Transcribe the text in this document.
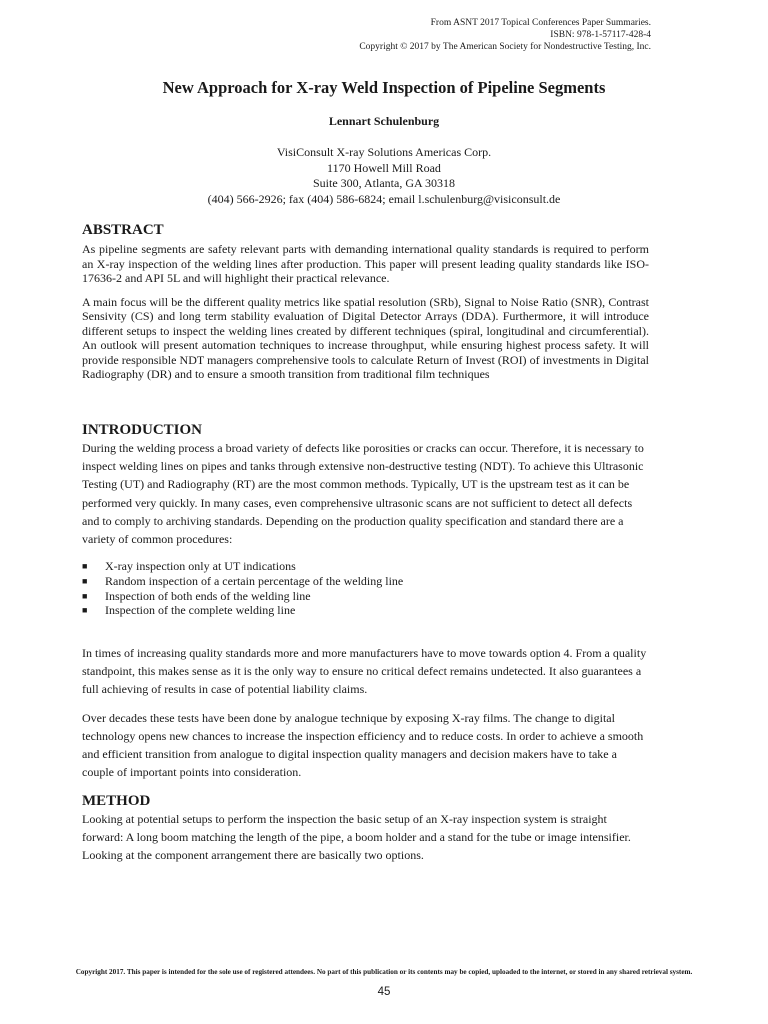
From ASNT 2017 Topical Conferences Paper Summaries.
ISBN: 978-1-57117-428-4
Copyright © 2017 by The American Society for Nondestructive Testing, Inc.
New Approach for X-ray Weld Inspection of Pipeline Segments
Lennart Schulenburg
VisiConsult X-ray Solutions Americas Corp.
1170 Howell Mill Road
Suite 300, Atlanta, GA 30318
(404) 566-2926; fax (404) 586-6824; email l.schulenburg@visiconsult.de
ABSTRACT

As pipeline segments are safety relevant parts with demanding international quality standards is required to perform an X-ray inspection of the welding lines after production. This paper will present leading quality standards like ISO-17636-2 and API 5L and will highlight their practical relevance.

A main focus will be the different quality metrics like spatial resolution (SRb), Signal to Noise Ratio (SNR), Contrast Sensivity (CS) and long term stability evaluation of Digital Detector Arrays (DDA). Furthermore, it will introduce different setups to inspect the welding lines created by different techniques (spiral, longitudinal and circumferential). An outlook will present automation techniques to increase throughput, while ensuring highest process safety. It will provide responsible NDT managers comprehensive tools to calculate Return of Invest (ROI) of investments in Digital Radiography (DR) and to ensure a smooth transition from traditional film techniques

INTRODUCTION

During the welding process a broad variety of defects like porosities or cracks can occur. Therefore, it is necessary to inspect welding lines on pipes and tanks through extensive non-destructive testing (NDT). To achieve this Ultrasonic Testing (UT) and Radiography (RT) are the most common methods. Typically, UT is the upstream test as it can be performed very quickly. In many cases, even comprehensive ultrasonic scans are not sufficient to detect all defects and to comply to archiving standards. Depending on the production quality specification and standard there are a variety of common procedures:

■ X-ray inspection only at UT indications
■ Random inspection of a certain percentage of the welding line
■ Inspection of both ends of the welding line
■ Inspection of the complete welding line

In times of increasing quality standards more and more manufacturers have to move towards option 4. From a quality standpoint, this makes sense as it is the only way to ensure no critical defect remains undetected. It also guarantees a full achieving of results in case of potential liability claims.

Over decades these tests have been done by analogue technique by exposing X-ray films. The change to digital technology opens new chances to increase the inspection efficiency and to reduce costs. In order to achieve a smooth and efficient transition from analogue to digital inspection quality managers and decision makers have to take a couple of important points into consideration.

METHOD

Looking at potential setups to perform the inspection the basic setup of an X-ray inspection system is straight forward: A long boom matching the length of the pipe, a boom holder and a stand for the tube or image intensifier. Looking at the component arrangement there are basically two options.

Copyright 2017. This paper is intended for the sole use of registered attendees. No part of this publication or its contents may be copied, uploaded to the internet, or stored in any shared retrieval system.
45
